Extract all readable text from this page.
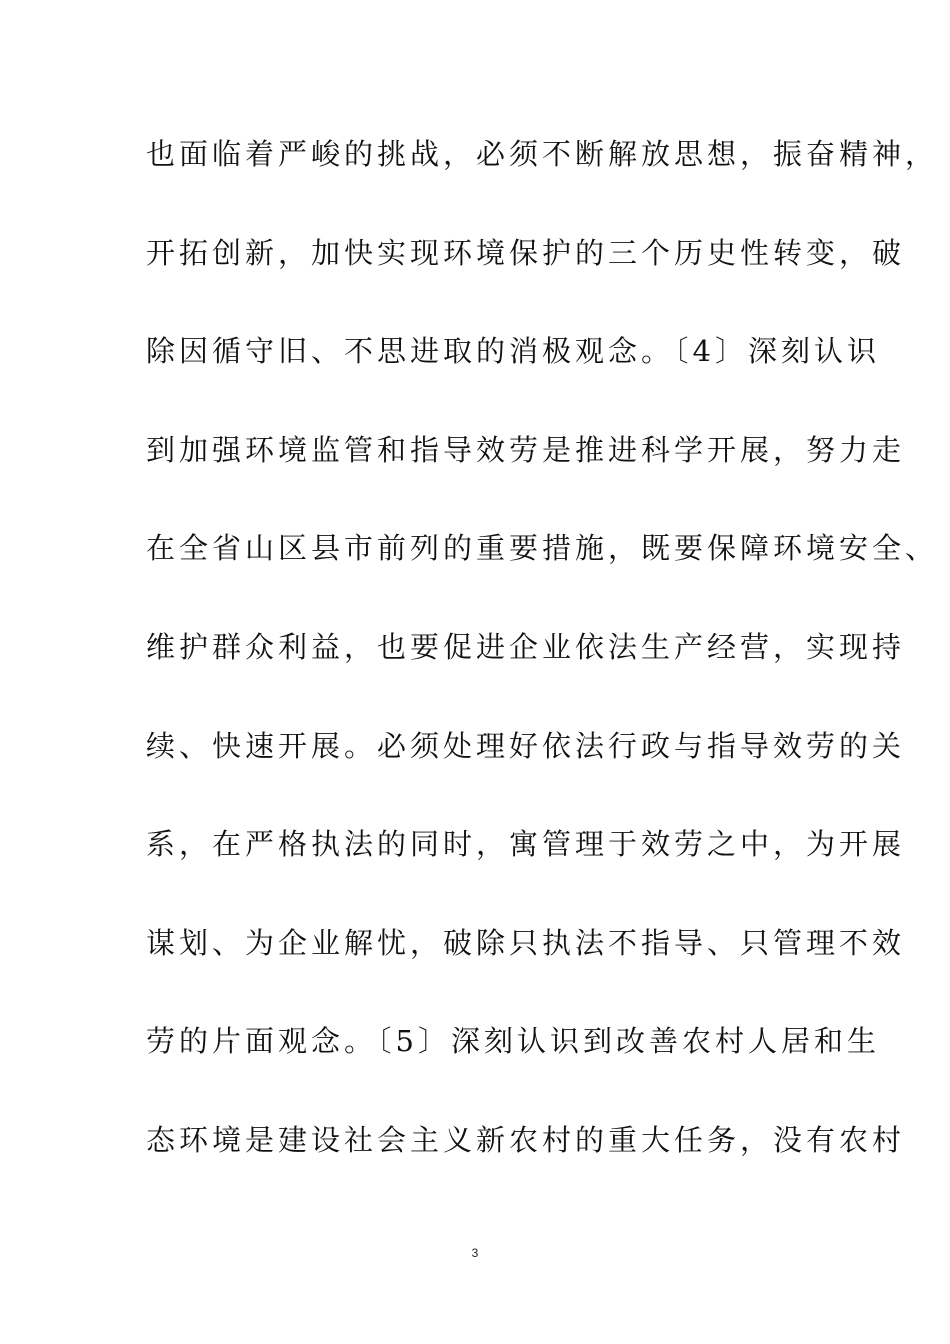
也面临着严峻的挑战，必须不断解放思想，振奋精神，
开拓创新，加快实现环境保护的三个历史性转变，破
除因循守旧、不思进取的消极观念。〔4〕深刻认识
到加强环境监管和指导效劳是推进科学开展，努力走
在全省山区县市前列的重要措施，既要保障环境安全、
维护群众利益，也要促进企业依法生产经营，实现持
续、快速开展。必须处理好依法行政与指导效劳的关
系，在严格执法的同时，寓管理于效劳之中，为开展
谋划、为企业解忧，破除只执法不指导、只管理不效
劳的片面观念。〔5〕深刻认识到改善农村人居和生
态环境是建设社会主义新农村的重大任务，没有农村
3
